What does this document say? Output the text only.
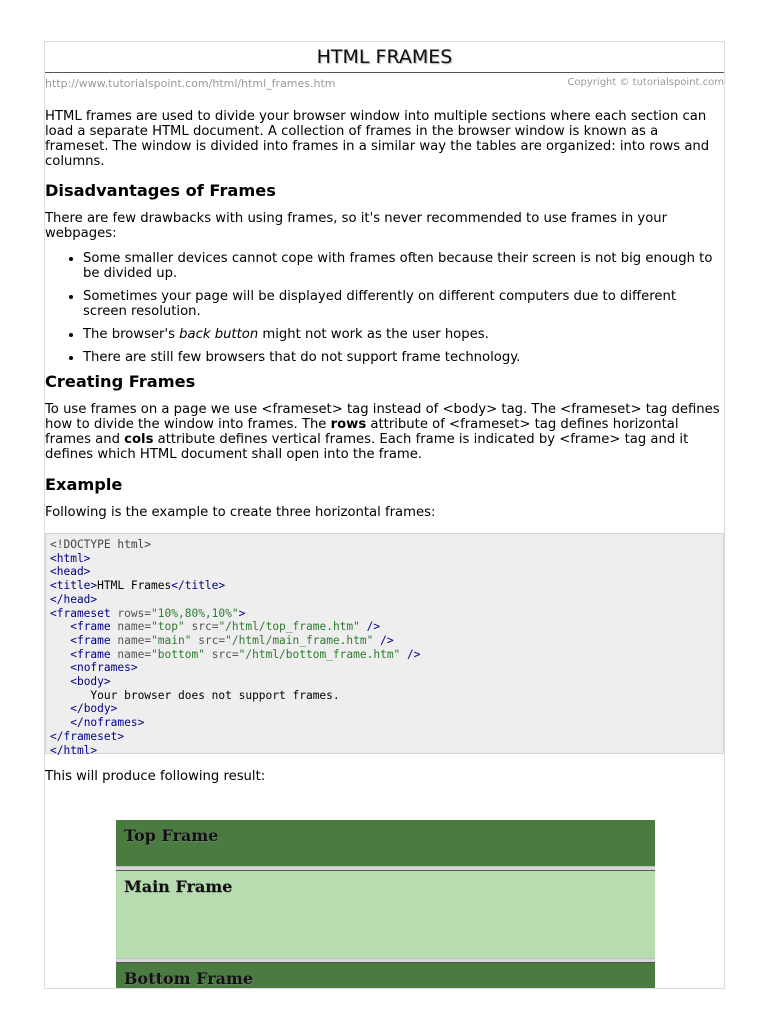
HTML FRAMES
http://www.tutorialspoint.com/html/html_frames.htm	Copyright © tutorialspoint.com

HTML frames are used to divide your browser window into multiple sections where each section can load a separate HTML document. A collection of frames in the browser window is known as a frameset. The window is divided into frames in a similar way the tables are organized: into rows and columns.

Disadvantages of Frames

There are few drawbacks with using frames, so it's never recommended to use frames in your webpages:

• Some smaller devices cannot cope with frames often because their screen is not big enough to be divided up.
• Sometimes your page will be displayed differently on different computers due to different screen resolution.
• The browser's back button might not work as the user hopes.
• There are still few browsers that do not support frame technology.
Creating Frames

To use frames on a page we use <frameset> tag instead of <body> tag. The <frameset> tag defines how to divide the window into frames. The rows attribute of <frameset> tag defines horizontal frames and cols attribute defines vertical frames. Each frame is indicated by <frame> tag and it defines which HTML document shall open into the frame.

Example

Following is the example to create three horizontal frames:

<!DOCTYPE html>
<html>
<head>
<title>HTML Frames</title>
</head>
<frameset rows="10%,80%,10%">
<frame name="top" src="/html/top_frame.htm" />
<frame name="main" src="/html/main_frame.htm" />
<frame name="bottom" src="/html/bottom_frame.htm" />
<noframes>
<body>
Your browser does not support frames.
</body>
</noframes>
</frameset>
</html>

This will produce following result:

Top Frame
Main Frame
Bottom Frame
